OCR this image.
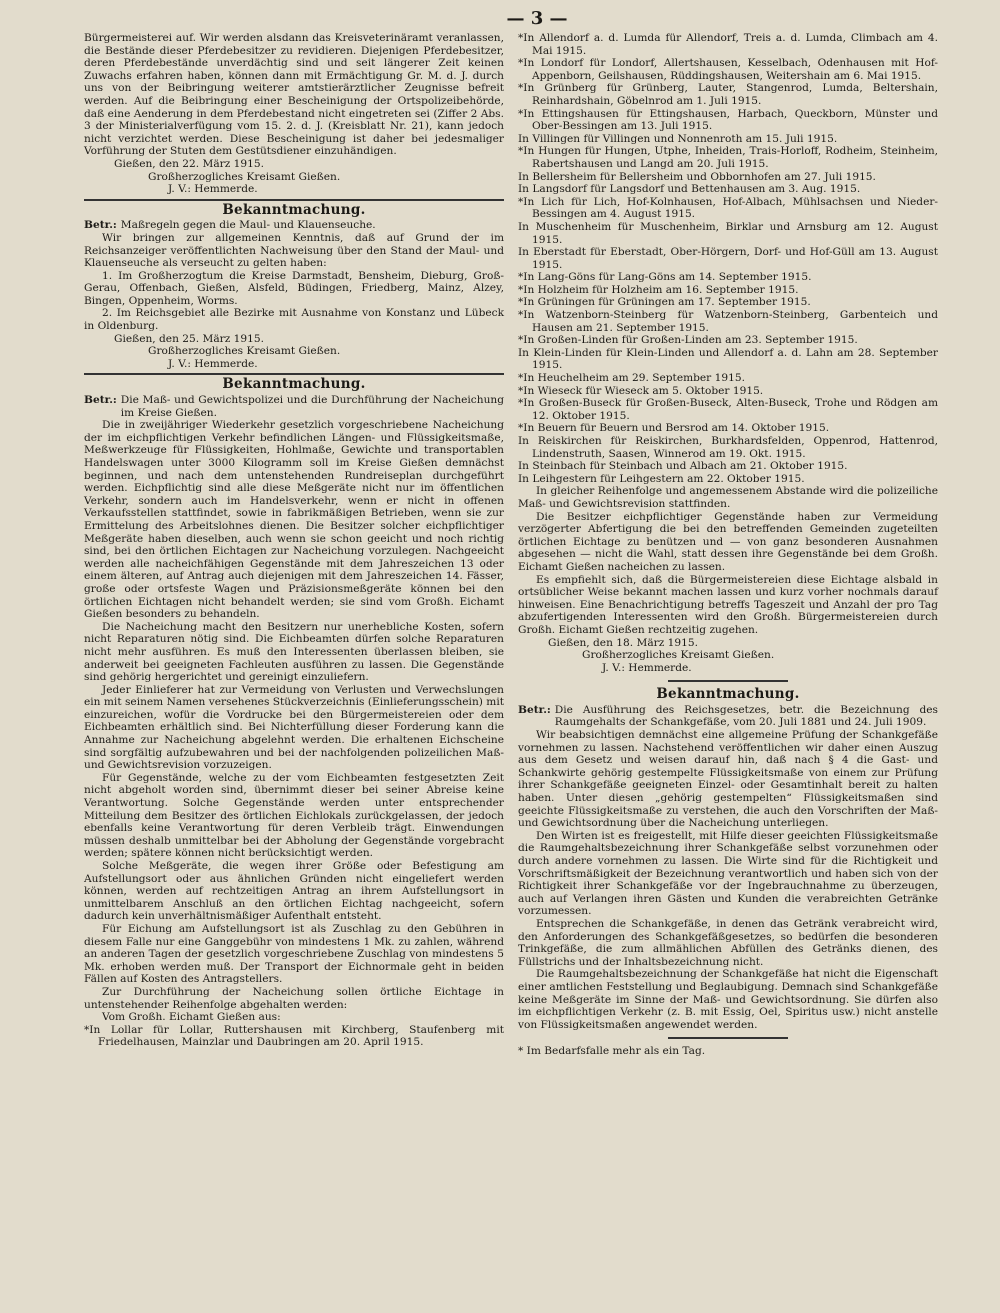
— 3 —

Bürgermeisterei auf. Wir werden alsdann das Kreisveterinäramt veranlassen, die Bestände dieser Pferdebesitzer zu revidieren. Diejenigen Pferdebesitzer, deren Pferdebestände unverdächtig sind und seit längerer Zeit keinen Zuwachs erfahren haben, können dann mit Ermächtigung Gr. M. d. J. durch uns von der Beibringung weiterer amtstierärztlicher Zeugnisse befreit werden. Auf die Beibringung einer Bescheinigung der Ortspolizeibehörde, daß eine Aenderung in dem Pferdebestand nicht eingetreten sei (Ziffer 2 Abs. 3 der Ministerialverfügung vom 15. 2. d. J. (Kreisblatt Nr. 21), kann jedoch nicht verzichtet werden. Diese Bescheinigung ist daher bei jedesmaliger Vorführung der Stuten dem Gestütsdiener einzuhändigen.

Gießen, den 22. März 1915.

Großherzogliches Kreisamt Gießen.

J. V.: Hemmerde.

Bekanntmachung.
Betr.: Maßregeln gegen die Maul- und Klauenseuche.

Wir bringen zur allgemeinen Kenntnis, daß auf Grund der im Reichsanzeiger veröffentlichten Nachweisung über den Stand der Maul- und Klauenseuche als verseucht zu gelten haben:

1. Im Großherzogtum die Kreise Darmstadt, Bensheim, Dieburg, Groß-Gerau, Offenbach, Gießen, Alsfeld, Büdingen, Friedberg, Mainz, Alzey, Bingen, Oppenheim, Worms.

2. Im Reichsgebiet alle Bezirke mit Ausnahme von Konstanz und Lübeck in Oldenburg.

Gießen, den 25. März 1915.

Großherzogliches Kreisamt Gießen.

J. V.: Hemmerde.

Bekanntmachung.
Betr.: Die Maß- und Gewichtspolizei und die Durchführung der Nacheichung im Kreise Gießen.

Die in zweijähriger Wiederkehr gesetzlich vorgeschriebene Nacheichung der im eichpflichtigen Verkehr befindlichen Längen- und Flüssigkeitsmaße, Meßwerkzeuge für Flüssigkeiten, Hohlmaße, Gewichte und transportablen Handelswagen unter 3000 Kilogramm soll im Kreise Gießen demnächst beginnen, und nach dem untenstehenden Rundreiseplan durchgeführt werden. Eichpflichtig sind alle diese Meßgeräte nicht nur im öffentlichen Verkehr, sondern auch im Handelsverkehr, wenn er nicht in offenen Verkaufsstellen stattfindet, sowie in fabrikmäßigen Betrieben, wenn sie zur Ermittelung des Arbeitslohnes dienen. Die Besitzer solcher eichpflichtiger Meßgeräte haben dieselben, auch wenn sie schon geeicht und noch richtig sind, bei den örtlichen Eichtagen zur Nacheichung vorzulegen. Nachgeeicht werden alle nacheichfähigen Gegenstände mit dem Jahreszeichen 13 oder einem älteren, auf Antrag auch diejenigen mit dem Jahreszeichen 14. Fässer, große oder ortsfeste Wagen und Präzisionsmeßgeräte können bei den örtlichen Eichtagen nicht behandelt werden; sie sind vom Großh. Eichamt Gießen besonders zu behandeln.

Die Nacheichung macht den Besitzern nur unerhebliche Kosten, sofern nicht Reparaturen nötig sind. Die Eichbeamten dürfen solche Reparaturen nicht mehr ausführen. Es muß den Interessenten überlassen bleiben, sie anderweit bei geeigneten Fachleuten ausführen zu lassen. Die Gegenstände sind gehörig hergerichtet und gereinigt einzuliefern.

Jeder Einlieferer hat zur Vermeidung von Verlusten und Verwechslungen ein mit seinem Namen versehenes Stückverzeichnis (Einlieferungsschein) mit einzureichen, wofür die Vordrucke bei den Bürgermeistereien oder dem Eichbeamten erhältlich sind. Bei Nichterfüllung dieser Forderung kann die Annahme zur Nacheichung abgelehnt werden. Die erhaltenen Eichscheine sind sorgfältig aufzubewahren und bei der nachfolgenden polizeilichen Maß- und Gewichtsrevision vorzuzeigen.

Für Gegenstände, welche zu der vom Eichbeamten festgesetzten Zeit nicht abgeholt worden sind, übernimmt dieser bei seiner Abreise keine Verantwortung. Solche Gegenstände werden unter entsprechender Mitteilung dem Besitzer des örtlichen Eichlokals zurückgelassen, der jedoch ebenfalls keine Verantwortung für deren Verbleib trägt. Einwendungen müssen deshalb unmittelbar bei der Abholung der Gegenstände vorgebracht werden; spätere können nicht berücksichtigt werden.

Solche Meßgeräte, die wegen ihrer Größe oder Befestigung am Aufstellungsort oder aus ähnlichen Gründen nicht eingeliefert werden können, werden auf rechtzeitigen Antrag an ihrem Aufstellungsort in unmittelbarem Anschluß an den örtlichen Eichtag nachgeeicht, sofern dadurch kein unverhältnismäßiger Aufenthalt entsteht.

Für Eichung am Aufstellungsort ist als Zuschlag zu den Gebühren in diesem Falle nur eine Ganggebühr von mindestens 1 Mk. zu zahlen, während an anderen Tagen der gesetzlich vorgeschriebene Zuschlag von mindestens 5 Mk. erhoben werden muß. Der Transport der Eichnormale geht in beiden Fällen auf Kosten des Antragstellers.

Zur Durchführung der Nacheichung sollen örtliche Eichtage in untenstehender Reihenfolge abgehalten werden:

Vom Großh. Eichamt Gießen aus:

*In Lollar für Lollar, Ruttershausen mit Kirchberg, Staufenberg mit Friedelhausen, Mainzlar und Daubringen am 20. April 1915.

*In Allendorf a. d. Lumda für Allendorf, Treis a. d. Lumda, Climbach am 4. Mai 1915.

*In Londorf für Londorf, Allertshausen, Kesselbach, Odenhausen mit Hof-Appenborn, Geilshausen, Rüddingshausen, Weitershain am 6. Mai 1915.

*In Grünberg für Grünberg, Lauter, Stangenrod, Lumda, Beltershain, Reinhardshain, Göbelnrod am 1. Juli 1915.

*In Ettingshausen für Ettingshausen, Harbach, Queckborn, Münster und Ober-Bessingen am 13. Juli 1915.

In Villingen für Villingen und Nonnenroth am 15. Juli 1915.

*In Hungen für Hungen, Utphe, Inheiden, Trais-Horloff, Rodheim, Steinheim, Rabertshausen und Langd am 20. Juli 1915.

In Bellersheim für Bellersheim und Obbornhofen am 27. Juli 1915.

In Langsdorf für Langsdorf und Bettenhausen am 3. Aug. 1915.

*In Lich für Lich, Hof-Kolnhausen, Hof-Albach, Mühlsachsen und Nieder-Bessingen am 4. August 1915.

In Muschenheim für Muschenheim, Birklar und Arnsburg am 12. August 1915.

In Eberstadt für Eberstadt, Ober-Hörgern, Dorf- und Hof-Güll am 13. August 1915.

*In Lang-Göns für Lang-Göns am 14. September 1915.

*In Holzheim für Holzheim am 16. September 1915.

*In Grüningen für Grüningen am 17. September 1915.

*In Watzenborn-Steinberg für Watzenborn-Steinberg, Garbenteich und Hausen am 21. September 1915.

*In Großen-Linden für Großen-Linden am 23. September 1915.

In Klein-Linden für Klein-Linden und Allendorf a. d. Lahn am 28. September 1915.

*In Heuchelheim am 29. September 1915.

*In Wieseck für Wieseck am 5. Oktober 1915.

*In Großen-Buseck für Großen-Buseck, Alten-Buseck, Trohe und Rödgen am 12. Oktober 1915.

*In Beuern für Beuern und Bersrod am 14. Oktober 1915.

In Reiskirchen für Reiskirchen, Burkhardsfelden, Oppenrod, Hattenrod, Lindenstruth, Saasen, Winnerod am 19. Okt. 1915.

In Steinbach für Steinbach und Albach am 21. Oktober 1915.

In Leihgestern für Leihgestern am 22. Oktober 1915.

In gleicher Reihenfolge und angemessenem Abstande wird die polizeiliche Maß- und Gewichtsrevision stattfinden.

Die Besitzer eichpflichtiger Gegenstände haben zur Vermeidung verzögerter Abfertigung die bei den betreffenden Gemeinden zugeteilten örtlichen Eichtage zu benützen und — von ganz besonderen Ausnahmen abgesehen — nicht die Wahl, statt dessen ihre Gegenstände bei dem Großh. Eichamt Gießen nacheichen zu lassen.

Es empfiehlt sich, daß die Bürgermeistereien diese Eichtage alsbald in ortsüblicher Weise bekannt machen lassen und kurz vorher nochmals darauf hinweisen. Eine Benachrichtigung betreffs Tageszeit und Anzahl der pro Tag abzufertigenden Interessenten wird den Großh. Bürgermeistereien durch Großh. Eichamt Gießen rechtzeitig zugehen.

Gießen, den 18. März 1915.

Großherzogliches Kreisamt Gießen.

J. V.: Hemmerde.

Bekanntmachung.
Betr.: Die Ausführung des Reichsgesetzes, betr. die Bezeichnung des Raumgehalts der Schankgefäße, vom 20. Juli 1881 und 24. Juli 1909.

Wir beabsichtigen demnächst eine allgemeine Prüfung der Schankgefäße vornehmen zu lassen. Nachstehend veröffentlichen wir daher einen Auszug aus dem Gesetz und weisen darauf hin, daß nach § 4 die Gast- und Schankwirte gehörig gestempelte Flüssigkeitsmaße von einem zur Prüfung ihrer Schankgefäße geeigneten Einzel- oder Gesamtinhalt bereit zu halten haben. Unter diesen „gehörig gestempelten“ Flüssigkeitsmaßen sind geeichte Flüssigkeitsmaße zu verstehen, die auch den Vorschriften der Maß- und Gewichtsordnung über die Nacheichung unterliegen.

Den Wirten ist es freigestellt, mit Hilfe dieser geeichten Flüssigkeitsmaße die Raumgehaltsbezeichnung ihrer Schankgefäße selbst vorzunehmen oder durch andere vornehmen zu lassen. Die Wirte sind für die Richtigkeit und Vorschriftsmäßigkeit der Bezeichnung verantwortlich und haben sich von der Richtigkeit ihrer Schankgefäße vor der Ingebrauchnahme zu überzeugen, auch auf Verlangen ihren Gästen und Kunden die verabreichten Getränke vorzumessen.

Entsprechen die Schankgefäße, in denen das Getränk verabreicht wird, den Anforderungen des Schankgefäßgesetzes, so bedürfen die besonderen Trinkgefäße, die zum allmählichen Abfüllen des Getränks dienen, des Füllstrichs und der Inhaltsbezeichnung nicht.

Die Raumgehaltsbezeichnung der Schankgefäße hat nicht die Eigenschaft einer amtlichen Feststellung und Beglaubigung. Demnach sind Schankgefäße keine Meßgeräte im Sinne der Maß- und Gewichtsordnung. Sie dürfen also im eichpflichtigen Verkehr (z. B. mit Essig, Oel, Spiritus usw.) nicht anstelle von Flüssigkeitsmaßen angewendet werden.

* Im Bedarfsfalle mehr als ein Tag.
